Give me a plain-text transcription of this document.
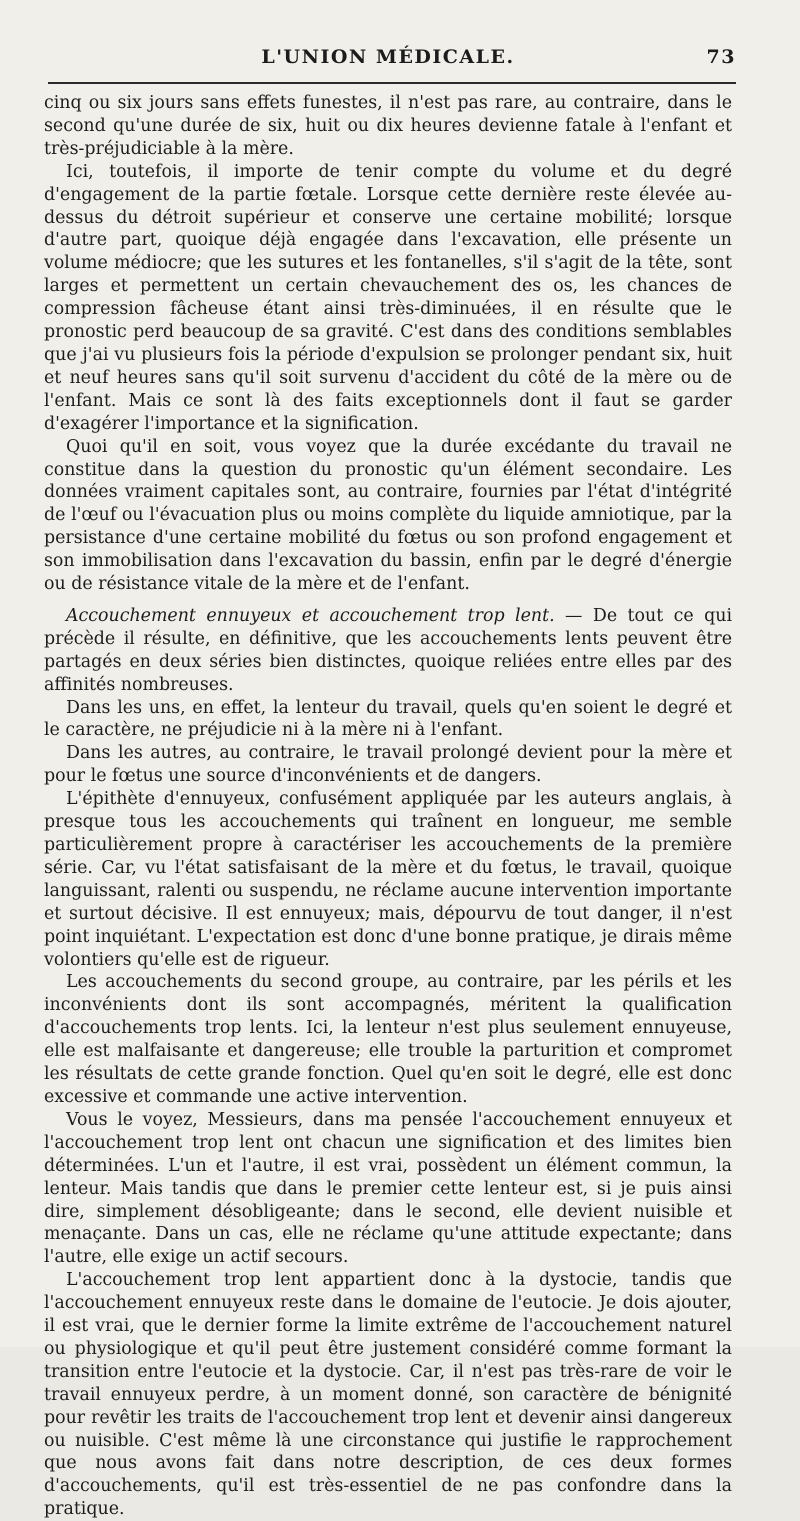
L'UNION MÉDICALE.	73

cinq ou six jours sans effets funestes, il n'est pas rare, au contraire, dans le second qu'une durée de six, huit ou dix heures devienne fatale à l'enfant et très-préjudiciable à la mère.

Ici, toutefois, il importe de tenir compte du volume et du degré d'engagement de la partie fœtale. Lorsque cette dernière reste élevée au-dessus du détroit supérieur et conserve une certaine mobilité; lorsque d'autre part, quoique déjà engagée dans l'excavation, elle présente un volume médiocre; que les sutures et les fontanelles, s'il s'agit de la tête, sont larges et permettent un certain chevauchement des os, les chances de compression fâcheuse étant ainsi très-diminuées, il en résulte que le pronostic perd beaucoup de sa gravité. C'est dans des conditions semblables que j'ai vu plusieurs fois la période d'expulsion se prolonger pendant six, huit et neuf heures sans qu'il soit survenu d'accident du côté de la mère ou de l'enfant. Mais ce sont là des faits exceptionnels dont il faut se garder d'exagérer l'importance et la signification.

Quoi qu'il en soit, vous voyez que la durée excédante du travail ne constitue dans la question du pronostic qu'un élément secondaire. Les données vraiment capitales sont, au contraire, fournies par l'état d'intégrité de l'œuf ou l'évacuation plus ou moins complète du liquide amniotique, par la persistance d'une certaine mobilité du fœtus ou son profond engagement et son immobilisation dans l'excavation du bassin, enfin par le degré d'énergie ou de résistance vitale de la mère et de l'enfant.

Accouchement ennuyeux et accouchement trop lent. — De tout ce qui précède il résulte, en définitive, que les accouchements lents peuvent être partagés en deux séries bien distinctes, quoique reliées entre elles par des affinités nombreuses.

Dans les uns, en effet, la lenteur du travail, quels qu'en soient le degré et le caractère, ne préjudicie ni à la mère ni à l'enfant.

Dans les autres, au contraire, le travail prolongé devient pour la mère et pour le fœtus une source d'inconvénients et de dangers.

L'épithète d'ennuyeux, confusément appliquée par les auteurs anglais, à presque tous les accouchements qui traînent en longueur, me semble particulièrement propre à caractériser les accouchements de la première série. Car, vu l'état satisfaisant de la mère et du fœtus, le travail, quoique languissant, ralenti ou suspendu, ne réclame aucune intervention importante et surtout décisive. Il est ennuyeux; mais, dépourvu de tout danger, il n'est point inquiétant. L'expectation est donc d'une bonne pratique, je dirais même volontiers qu'elle est de rigueur.

Les accouchements du second groupe, au contraire, par les périls et les inconvénients dont ils sont accompagnés, méritent la qualification d'accouchements trop lents. Ici, la lenteur n'est plus seulement ennuyeuse, elle est malfaisante et dangereuse; elle trouble la parturition et compromet les résultats de cette grande fonction. Quel qu'en soit le degré, elle est donc excessive et commande une active intervention.

Vous le voyez, Messieurs, dans ma pensée l'accouchement ennuyeux et l'accouchement trop lent ont chacun une signification et des limites bien déterminées. L'un et l'autre, il est vrai, possèdent un élément commun, la lenteur. Mais tandis que dans le premier cette lenteur est, si je puis ainsi dire, simplement désobligeante; dans le second, elle devient nuisible et menaçante. Dans un cas, elle ne réclame qu'une attitude expectante; dans l'autre, elle exige un actif secours.

L'accouchement trop lent appartient donc à la dystocie, tandis que l'accouchement ennuyeux reste dans le domaine de l'eutocie. Je dois ajouter, il est vrai, que le dernier forme la limite extrême de l'accouchement naturel ou physiologique et qu'il peut être justement considéré comme formant la transition entre l'eutocie et la dystocie. Car, il n'est pas très-rare de voir le travail ennuyeux perdre, à un moment donné, son caractère de bénignité pour revêtir les traits de l'accouchement trop lent et devenir ainsi dangereux ou nuisible. C'est même là une circonstance qui justifie le rapprochement que nous avons fait dans notre description, de ces deux formes d'accouchements, qu'il est très-essentiel de ne pas confondre dans la pratique.
